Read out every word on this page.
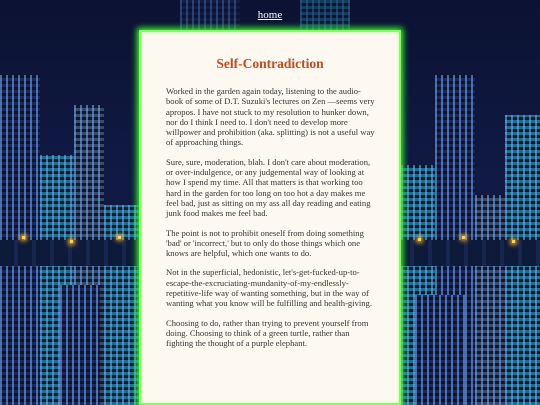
home
Self-Contradiction

Worked in the garden again today, listening to the audio-book of some of D.T. Suzuki's lectures on Zen —seems very apropos. I have not stuck to my resolution to hunker down, nor do I think I need to. I don't need to develop more willpower and prohibition (aka. splitting) is not a useful way of approaching things.

Sure, sure, moderation, blah. I don't care about moderation, or over-indulgence, or any judgemental way of looking at how I spend my time. All that matters is that working too hard in the garden for too long on too hot a day makes me feel bad, just as sitting on my ass all day reading and eating junk food makes me feel bad.

The point is not to prohibit oneself from doing something 'bad' or 'incorrect,' but to only do those things which one knows are helpful, which one wants to do.

Not in the superficial, hedonistic, let's-get-fucked-up-to-escape-the-excruciating-mundanity-of-my-endlessly-repetitive-life way of wanting something, but in the way of wanting what you know will be fulfilling and health-giving.

Choosing to do, rather than trying to prevent yourself from doing. Choosing to think of a green turtle, rather than fighting the thought of a purple elephant.
